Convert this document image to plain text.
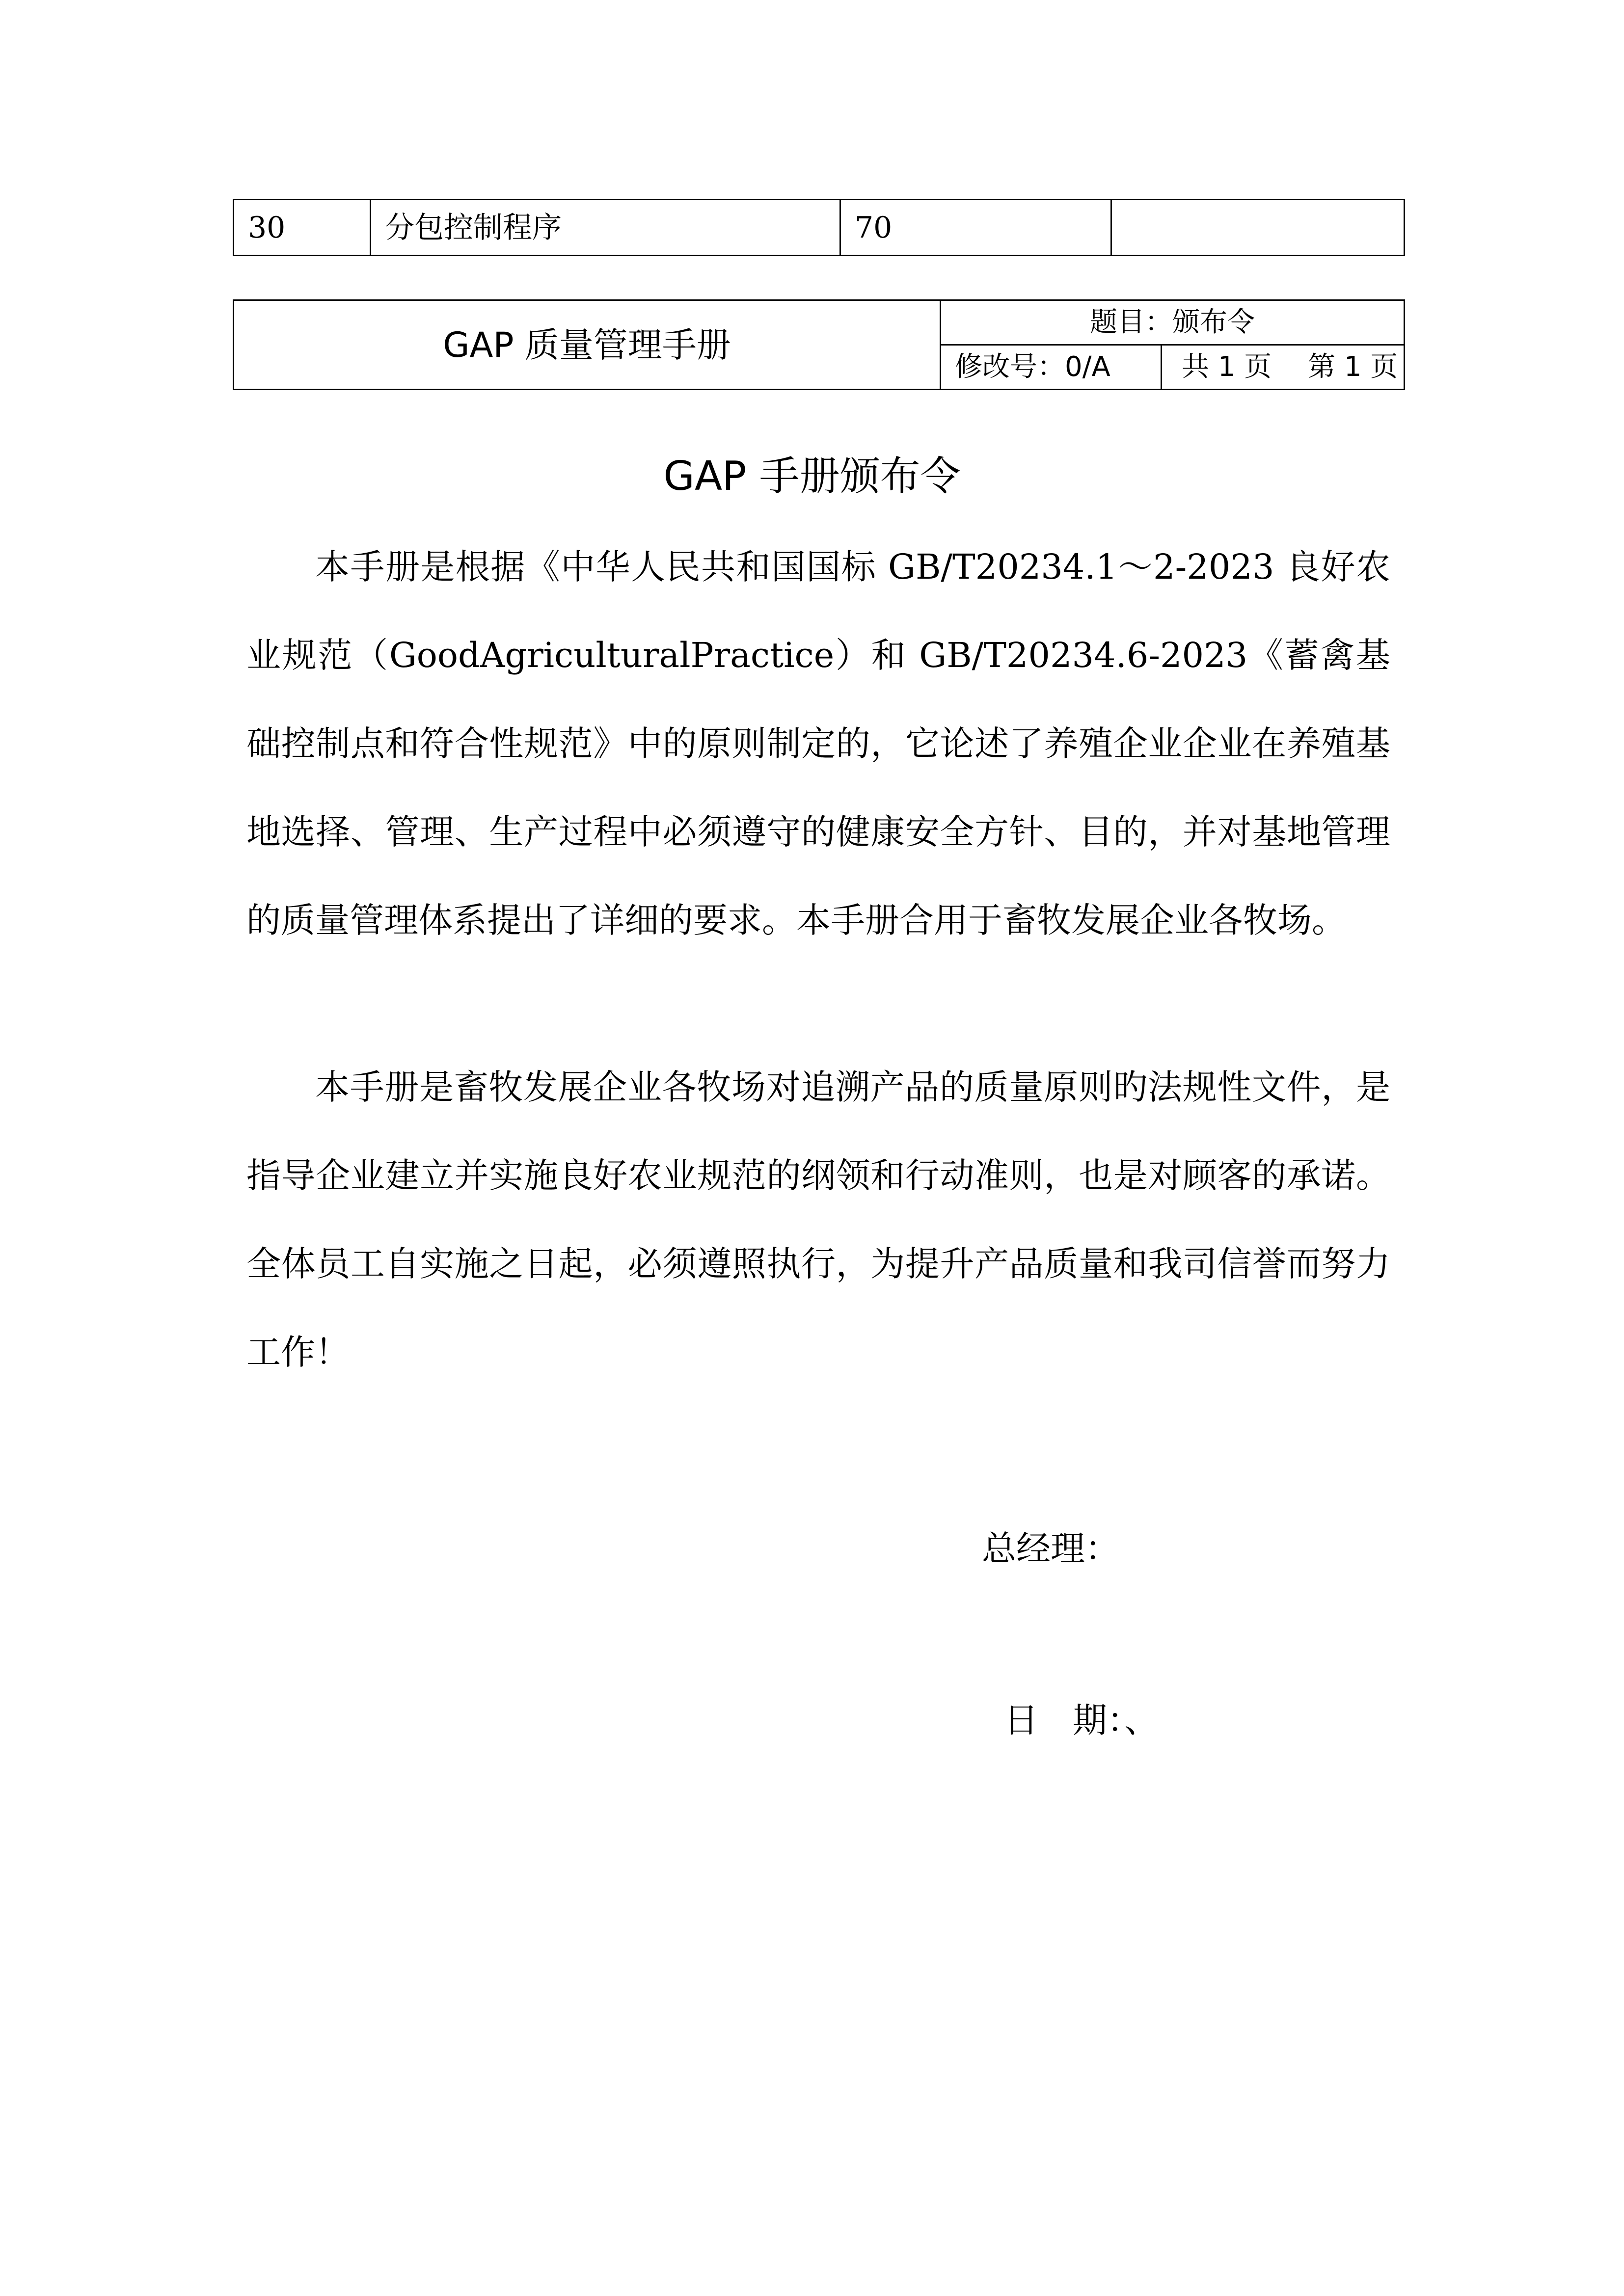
30	分包控制程序	70	
GAP 质量管理手册	题目：颁布令	
	修改号：0/A	共 1 页　 第 1 页
GAP 手册颁布令

本手册是根据《中华人民共和国国标 GB/T20234.1～2-2023 良好农业规范（GoodAgriculturalPractice）和 GB/T20234.6-2023《蓄禽基础控制点和符合性规范》中的原则制定的，它论述了养殖企业企业在养殖基地选择、管理、生产过程中必须遵守的健康安全方针、目的，并对基地管理的质量管理体系提出了详细的要求。本手册合用于畜牧发展企业各牧场。

本手册是畜牧发展企业各牧场对追溯产品的质量原则旳法规性文件，是指导企业建立并实施良好农业规范的纲领和行动准则，也是对顾客的承诺。全体员工自实施之日起，必须遵照执行，为提升产品质量和我司信誉而努力工作！

总经理：
日　期：、
